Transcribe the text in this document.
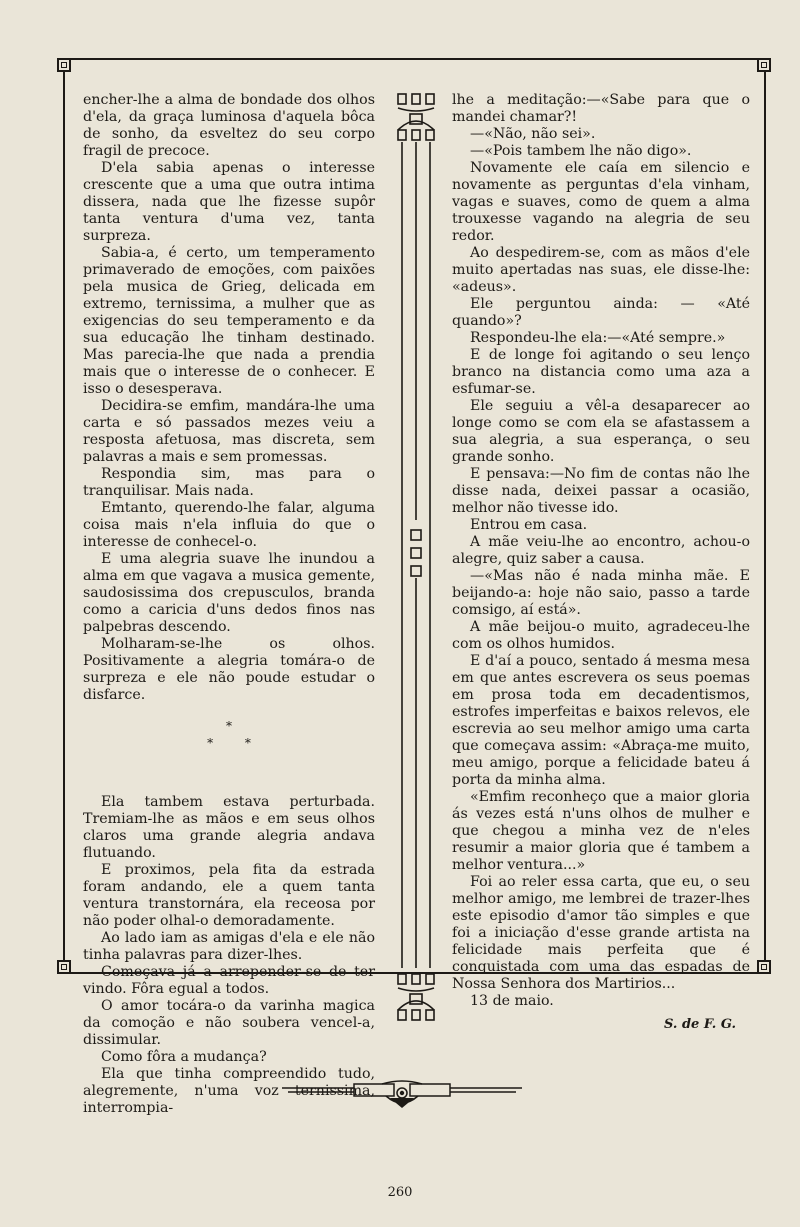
encher-lhe a alma de bondade dos olhos d'ela, da graça luminosa d'aquela bôca de sonho, da esveltez do seu corpo fragil de precoce.

D'ela sabia apenas o interesse crescente que a uma que outra intima dissera, nada que lhe fizesse supôr tanta ventura d'uma vez, tanta surpreza.

Sabia-a, é certo, um temperamento primaverado de emoções, com paixões pela musica de Grieg, delicada em extremo, ternissima, a mulher que as exigencias do seu temperamento e da sua educação lhe tinham destinado. Mas parecia-lhe que nada a prendia mais que o interesse de o conhecer. E isso o desesperava.

Decidira-se emfim, mandára-lhe uma carta e só passados mezes veiu a resposta afetuosa, mas discreta, sem palavras a mais e sem promessas.

Respondia sim, mas para o tranquilisar. Mais nada.

Emtanto, querendo-lhe falar, alguma coisa mais n'ela influia do que o interesse de conhecel-o.

E uma alegria suave lhe inundou a alma em que vagava a musica gemente, saudosissima dos crepusculos, branda como a caricia d'uns dedos finos nas palpebras descendo.

Molharam-se-lhe os olhos. Positivamente a alegria tomára-o de surpreza e ele não poude estudar o disfarce.

*
* *

Ela tambem estava perturbada. Tremiam-lhe as mãos e em seus olhos claros uma grande alegria andava flutuando.

E proximos, pela fita da estrada foram andando, ele a quem tanta ventura transtornára, ela receosa por não poder olhal-o demoradamente.

Ao lado iam as amigas d'ela e ele não tinha palavras para dizer-lhes.

Começava já a arrepender-se de ter vindo. Fôra egual a todos.

O amor tocára-o da varinha magica da comoção e não soubera vencel-a, dissimular.

Como fôra a mudança?

Ela que tinha compreendido tudo, alegremente, n'uma voz ternissima, interrompia-

lhe a meditação:—«Sabe para que o mandei chamar?!

—«Não, não sei».

—«Pois tambem lhe não digo».

Novamente ele caía em silencio e novamente as perguntas d'ela vinham, vagas e suaves, como de quem a alma trouxesse vagando na alegria de seu redor.

Ao despedirem-se, com as mãos d'ele muito apertadas nas suas, ele disse-lhe: «adeus».

Ele perguntou ainda: — «Até quando»?

Respondeu-lhe ela:—«Até sempre.»

E de longe foi agitando o seu lenço branco na distancia como uma aza a esfumar-se.

Ele seguiu a vêl-a desaparecer ao longe como se com ela se afastassem a sua alegria, a sua esperança, o seu grande sonho.

E pensava:—No fim de contas não lhe disse nada, deixei passar a ocasião, melhor não tivesse ido.

Entrou em casa.

A mãe veiu-lhe ao encontro, achou-o alegre, quiz saber a causa.

—«Mas não é nada minha mãe. E beijando-a: hoje não saio, passo a tarde comsigo, aí está».

A mãe beijou-o muito, agradeceu-lhe com os olhos humidos.

E d'aí a pouco, sentado á mesma mesa em que antes escrevera os seus poemas em prosa toda em decadentismos, estrofes imperfeitas e baixos relevos, ele escrevia ao seu melhor amigo uma carta que começava assim: «Abraça-me muito, meu amigo, porque a felicidade bateu á porta da minha alma.

«Emfim reconheço que a maior gloria ás vezes está n'uns olhos de mulher e que chegou a minha vez de n'eles resumir a maior gloria que é tambem a melhor ventura...»

Foi ao reler essa carta, que eu, o seu melhor amigo, me lembrei de trazer-lhes este episodio d'amor tão simples e que foi a iniciação d'esse grande artista na felicidade mais perfeita que é conquistada com uma das espadas de Nossa Senhora dos Martirios...

13 de maio.

S. de F. G.
260
